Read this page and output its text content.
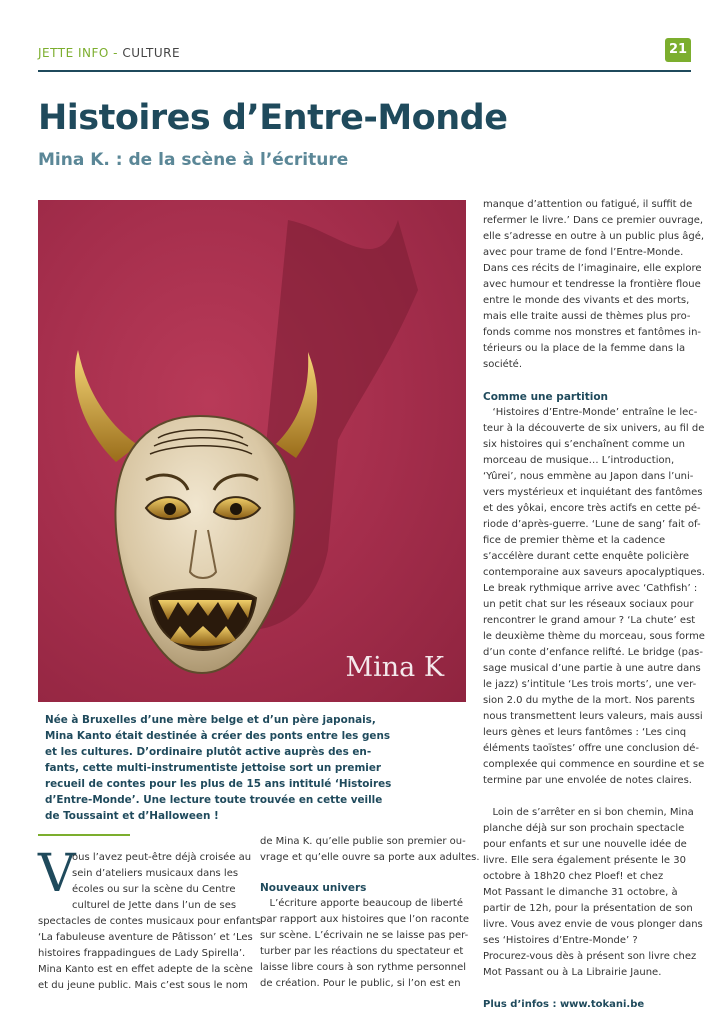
JETTE INFO - CULTURE	21
Histoires d’Entre-Monde
Mina K. : de la scène à l’écriture
Mina K

Née à Bruxelles d’une mère belge et d’un père japonais,
Mina Kanto était destinée à créer des ponts entre les gens
et les cultures. D’ordinaire plutôt active auprès des en-
fants, cette multi-instrumentiste jettoise sort un premier
recueil de contes pour les plus de 15 ans intitulé ‘Histoires
d’Entre-Monde’. Une lecture toute trouvée en cette veille
de Toussaint et d’Halloween !

V
ous l’avez peut-être déjà croisée au
sein d’ateliers musicaux dans les
écoles ou sur la scène du Centre
culturel de Jette dans l’un de ses
spectacles de contes musicaux pour enfants
‘La fabuleuse aventure de Pâtisson’ et ‘Les
histoires frappadingues de Lady Spirella’.
Mina Kanto est en effet adepte de la scène
et du jeune public. Mais c’est sous le nom
de Mina K. qu’elle publie son premier ou-
vrage et qu’elle ouvre sa porte aux adultes.
Nouveaux univers
L’écriture apporte beaucoup de liberté
par rapport aux histoires que l’on raconte
sur scène. L’écrivain ne se laisse pas per-
turber par les réactions du spectateur et
laisse libre cours à son rythme personnel
de création. Pour le public, si l’on est en
manque d’attention ou fatigué, il suffit de
refermer le livre.’ Dans ce premier ouvrage,
elle s’adresse en outre à un public plus âgé,
avec pour trame de fond l’Entre-Monde.
Dans ces récits de l’imaginaire, elle explore
avec humour et tendresse la frontière floue
entre le monde des vivants et des morts,
mais elle traite aussi de thèmes plus pro-
fonds comme nos monstres et fantômes in-
térieurs ou la place de la femme dans la
société.
Comme une partition
‘Histoires d’Entre-Monde’ entraîne le lec-
teur à la découverte de six univers, au fil de
six histoires qui s’enchaînent comme un
morceau de musique… L’introduction,
‘Yûrei’, nous emmène au Japon dans l’uni-
vers mystérieux et inquiétant des fantômes
et des yôkai, encore très actifs en cette pé-
riode d’après-guerre. ‘Lune de sang’ fait of-
fice de premier thème et la cadence
s’accélère durant cette enquête policière
contemporaine aux saveurs apocalyptiques.
Le break rythmique arrive avec ‘Cathfish’ :
un petit chat sur les réseaux sociaux pour
rencontrer le grand amour ? ‘La chute’ est
le deuxième thème du morceau, sous forme
d’un conte d’enfance relifté. Le bridge (pas-
sage musical d’une partie à une autre dans
le jazz) s’intitule ‘Les trois morts’, une ver-
sion 2.0 du mythe de la mort. Nos parents
nous transmettent leurs valeurs, mais aussi
leurs gènes et leurs fantômes : ‘Les cinq
éléments taoïstes’ offre une conclusion dé-
complexée qui commence en sourdine et se
termine par une envolée de notes claires.
Loin de s’arrêter en si bon chemin, Mina
planche déjà sur son prochain spectacle
pour enfants et sur une nouvelle idée de
livre. Elle sera également présente le 30
octobre à 18h20 chez Ploef! et chez
Mot Passant le dimanche 31 octobre, à
partir de 12h, pour la présentation de son
livre. Vous avez envie de vous plonger dans
ses ‘Histoires d’Entre-Monde’ ?
Procurez-vous dès à présent son livre chez
Mot Passant ou à La Librairie Jaune.
Plus d’infos : www.tokani.be
